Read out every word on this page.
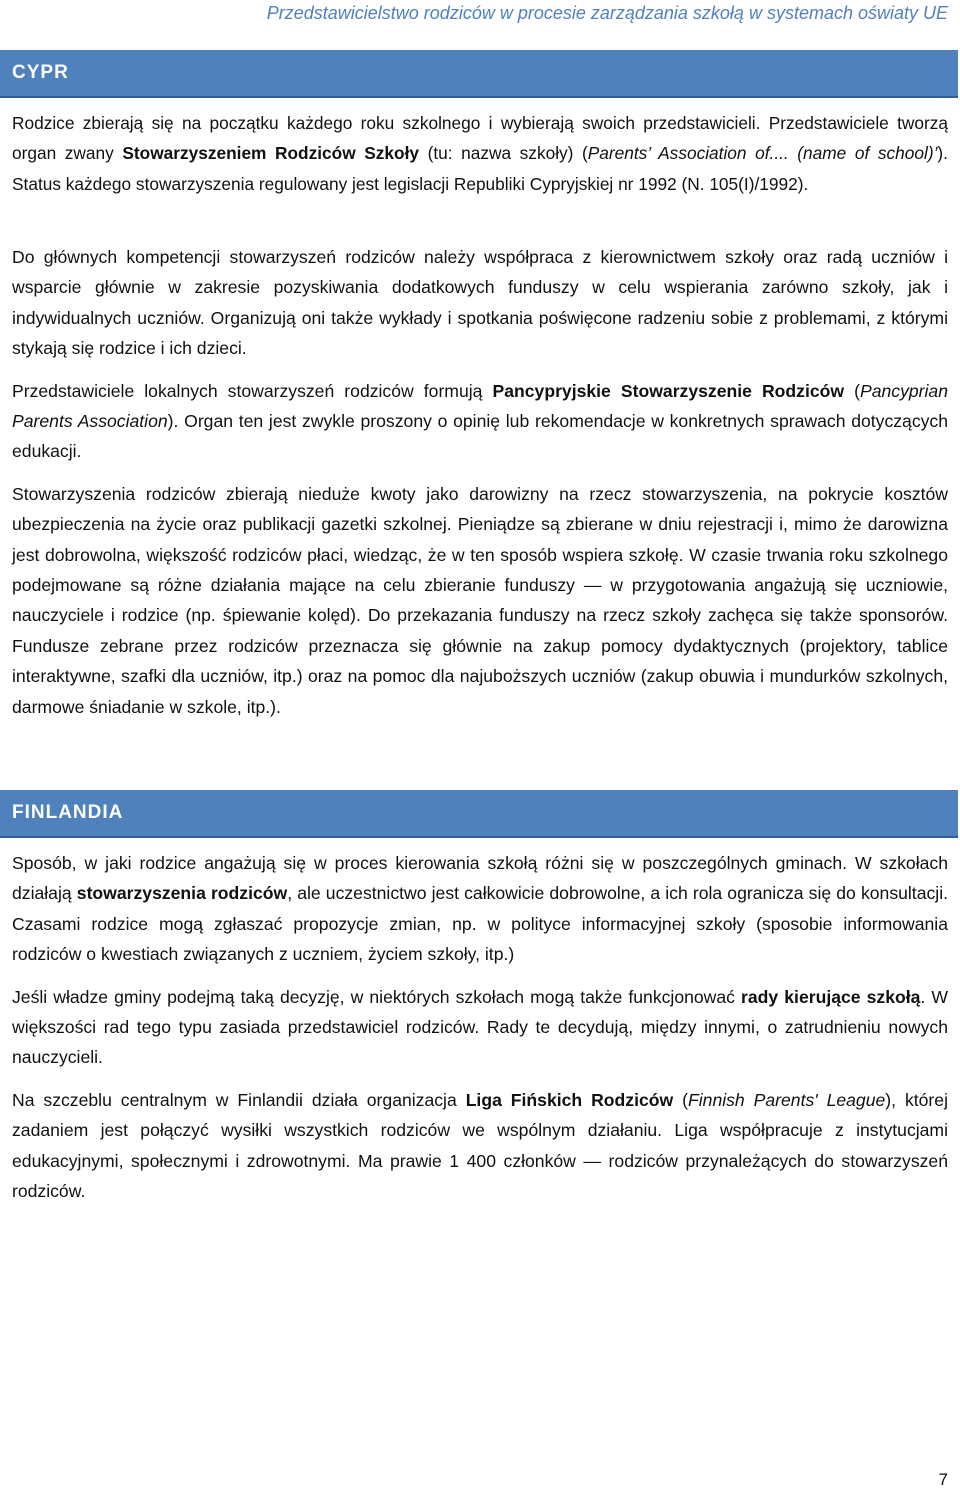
Przedstawicielstwo rodziców w procesie zarządzania szkołą w systemach oświaty UE
CYPR

Rodzice zbierają się na początku każdego roku szkolnego i wybierają swoich przedstawicieli. Przedstawiciele tworzą organ zwany Stowarzyszeniem Rodziców Szkoły (tu: nazwa szkoły) (Parents’ Association of.... (name of school)’). Status każdego stowarzyszenia regulowany jest legislacji Republiki Cypryjskiej nr 1992 (N. 105(I)/1992).

Do głównych kompetencji stowarzyszeń rodziców należy współpraca z kierownictwem szkoły oraz radą uczniów i wsparcie głównie w zakresie pozyskiwania dodatkowych funduszy w celu wspierania zarówno szkoły, jak i indywidualnych uczniów. Organizują oni także wykłady i spotkania poświęcone radzeniu sobie z problemami, z którymi stykają się rodzice i ich dzieci.

Przedstawiciele lokalnych stowarzyszeń rodziców formują Pancypryjskie Stowarzyszenie Rodziców (Pancyprian Parents Association). Organ ten jest zwykle proszony o opinię lub rekomendacje w konkretnych sprawach dotyczących edukacji.

Stowarzyszenia rodziców zbierają nieduże kwoty jako darowizny na rzecz stowarzyszenia, na pokrycie kosztów ubezpieczenia na życie oraz publikacji gazetki szkolnej. Pieniądze są zbierane w dniu rejestracji i, mimo że darowizna jest dobrowolna, większość rodziców płaci, wiedząc, że w ten sposób wspiera szkołę. W czasie trwania roku szkolnego podejmowane są różne działania mające na celu zbieranie funduszy — w przygotowania angażują się uczniowie, nauczyciele i rodzice (np. śpiewanie kolęd). Do przekazania funduszy na rzecz szkoły zachęca się także sponsorów. Fundusze zebrane przez rodziców przeznacza się głównie na zakup pomocy dydaktycznych (projektory, tablice interaktywne, szafki dla uczniów, itp.) oraz na pomoc dla najuboższych uczniów (zakup obuwia i mundurków szkolnych, darmowe śniadanie w szkole, itp.).

FINLANDIA

Sposób, w jaki rodzice angażują się w proces kierowania szkołą różni się w poszczególnych gminach. W szkołach działają stowarzyszenia rodziców, ale uczestnictwo jest całkowicie dobrowolne, a ich rola ogranicza się do konsultacji. Czasami rodzice mogą zgłaszać propozycje zmian, np. w polityce informacyjnej szkoły (sposobie informowania rodziców o kwestiach związanych z uczniem, życiem szkoły, itp.)

Jeśli władze gminy podejmą taką decyzję, w niektórych szkołach mogą także funkcjonować rady kierujące szkołą. W większości rad tego typu zasiada przedstawiciel rodziców. Rady te decydują, między innymi, o zatrudnieniu nowych nauczycieli.

Na szczeblu centralnym w Finlandii działa organizacja Liga Fińskich Rodziców (Finnish Parents' League), której zadaniem jest połączyć wysiłki wszystkich rodziców we wspólnym działaniu. Liga współpracuje z instytucjami edukacyjnymi, społecznymi i zdrowotnymi. Ma prawie 1 400 członków — rodziców przynależących do stowarzyszeń rodziców.

7
